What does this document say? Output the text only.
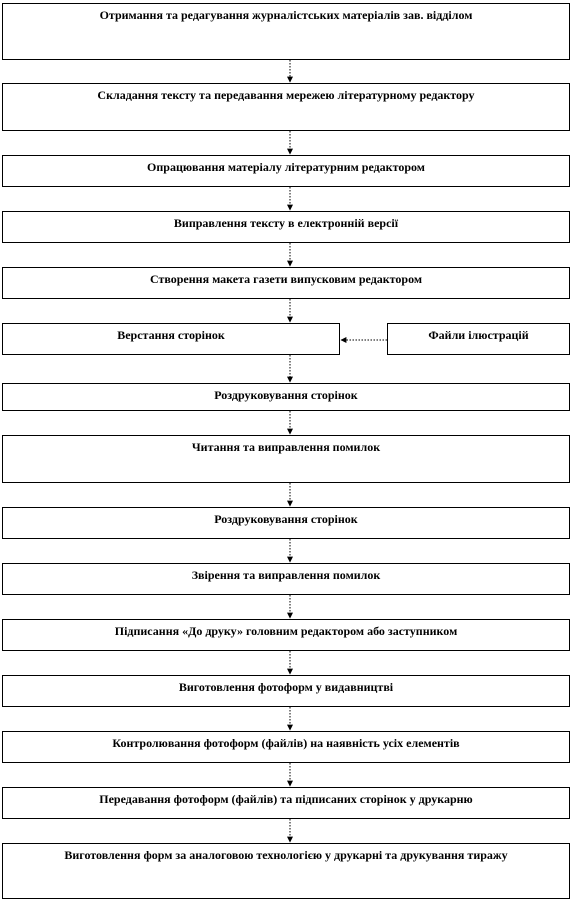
Отримання та редагування журналістських матеріалів зав. відділом
Складання тексту та передавання мережею літературному редактору
Опрацювання матеріалу літературним редактором
Виправлення тексту в електронній версії
Створення макета газети випусковим редактором
Верстання сторінок	Файли ілюстрацій
Роздруковування сторінок
Читання та виправлення помилок
Роздруковування сторінок
Звірення та виправлення помилок
Підписання «До друку» головним редактором або заступником
Виготовлення фотоформ у видавництві
Контролювання фотоформ (файлів) на наявність усіх елементів
Передавання фотоформ (файлів) та підписаних сторінок у друкарню
Виготовлення форм за аналоговою технологією у друкарні та друкування тиражу
